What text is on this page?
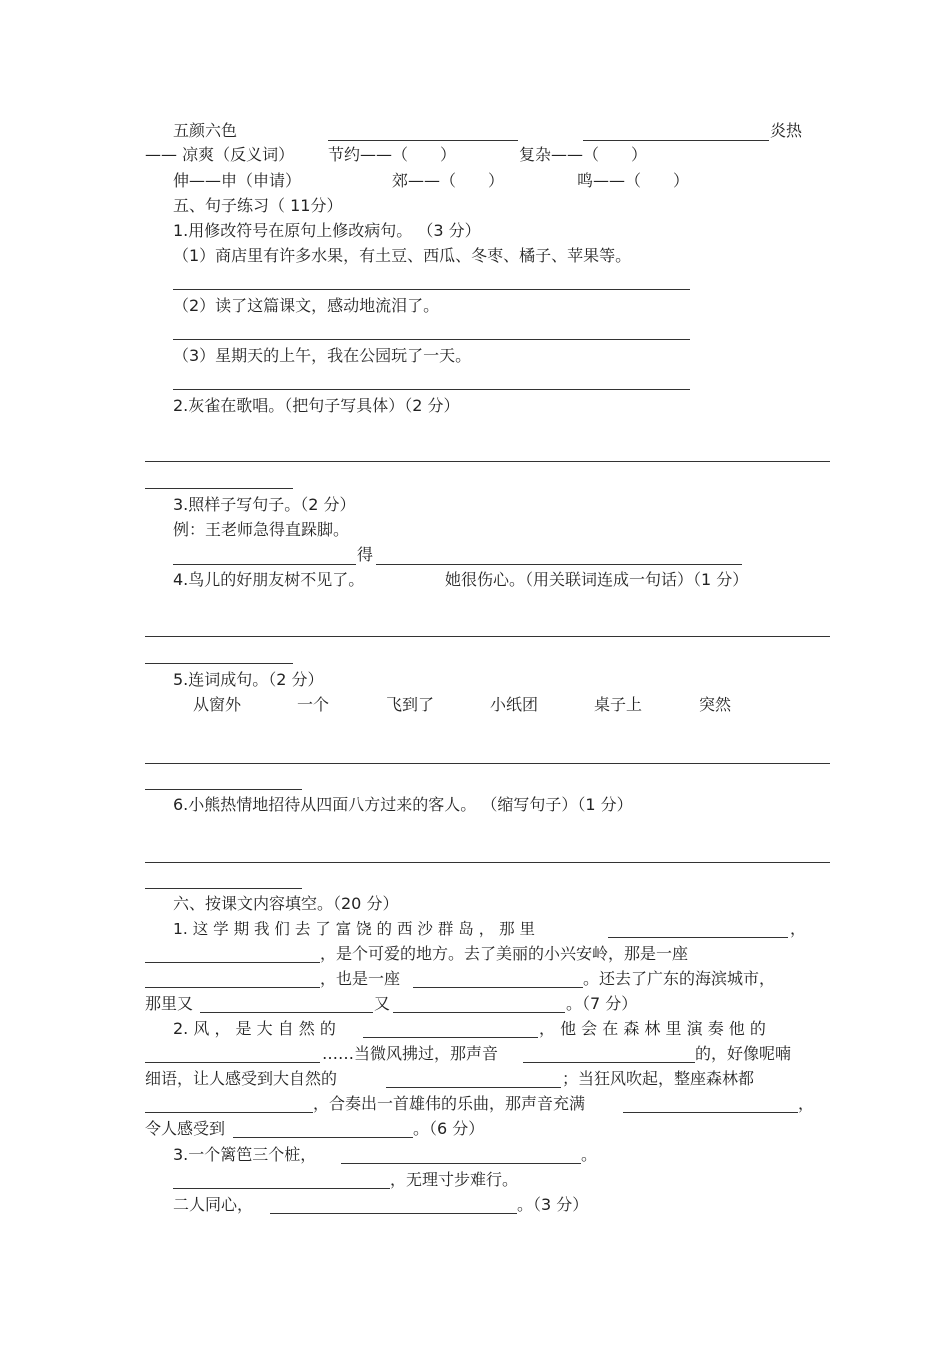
五颜六色	炎热
—— 凉爽（反义词） 节约——（　　）	复杂——（　　）
伸——申（申请）	郊——（　　）	鸣——（　　）
五、句子练习（ 11分）
1.用修改符号在原句上修改病句。 （3 分）
（1）商店里有许多水果，有土豆、西瓜、冬枣、橘子、苹果等。
（2）读了这篇课文，感动地流泪了。
（3）星期天的上午，我在公园玩了一天。
2.灰雀在歌唱。（把句子写具体）（2 分）
3.照样子写句子。（2 分）
例：王老师急得直跺脚。
得
4.鸟儿的好朋友树不见了。	她很伤心。（用关联词连成一句话）（1 分）
5.连词成句。（2 分）
从窗外	一个	飞到了	小纸团	桌子上	突然
6.小熊热情地招待从四面八方过来的客人。 （缩写句子）（1 分）
六、按课文内容填空。（20 分）
1. 这 学 期 我 们 去 了 富 饶 的 西 沙 群 岛 ， 那 里	，
，是个可爱的地方。去了美丽的小兴安岭，那是一座
，也是一座	。还去了广东的海滨城市，
那里又	又	。（7 分）
2. 风 ， 是 大 自 然 的	， 他 会 在 森 林 里 演 奏 他 的
……当微风拂过，那声音	的，好像呢喃
细语，让人感受到大自然的	；当狂风吹起，整座森林都
，合奏出一首雄伟的乐曲，那声音充满	，
令人感受到	。（6 分）
3.一个篱笆三个桩，	。
，无理寸步难行。
二人同心，	。（3 分）
